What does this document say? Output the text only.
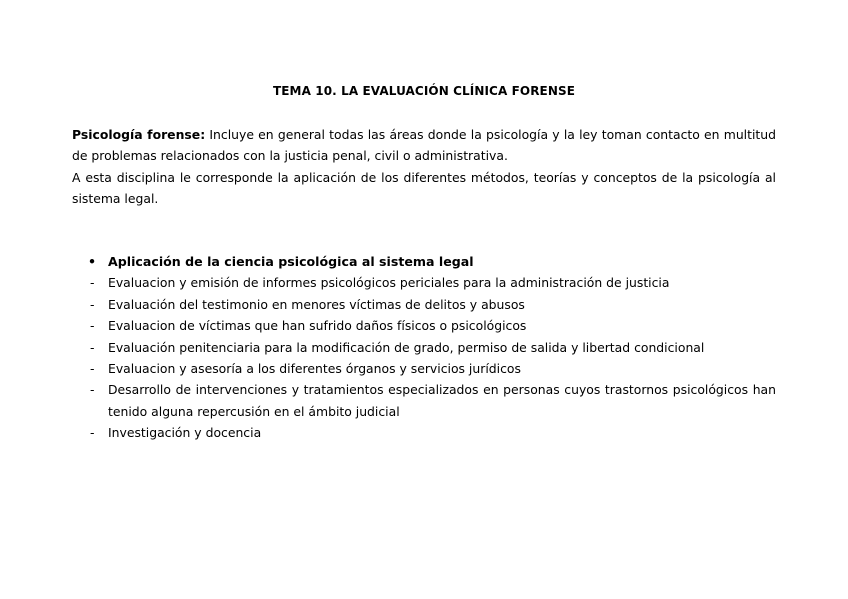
TEMA 10. LA EVALUACIÓN CLÍNICA FORENSE

Psicología forense: Incluye en general todas las áreas donde la psicología y la ley toman contacto en multitud de problemas relacionados con la justicia penal, civil o administrativa.

A esta disciplina le corresponde la aplicación de los diferentes métodos, teorías y conceptos de la psicología al sistema legal.

• Aplicación de la ciencia psicológica al sistema legal
- Evaluacion y emisión de informes psicológicos periciales para la administración de justicia
- Evaluación del testimonio en menores víctimas de delitos y abusos
- Evaluacion de víctimas que han sufrido daños físicos o psicológicos
- Evaluación penitenciaria para la modificación de grado, permiso de salida y libertad condicional
- Evaluacion y asesoría a los diferentes órganos y servicios jurídicos
- Desarrollo de intervenciones y tratamientos especializados en personas cuyos trastornos psicológicos han tenido alguna repercusión en el ámbito judicial
- Investigación y docencia
